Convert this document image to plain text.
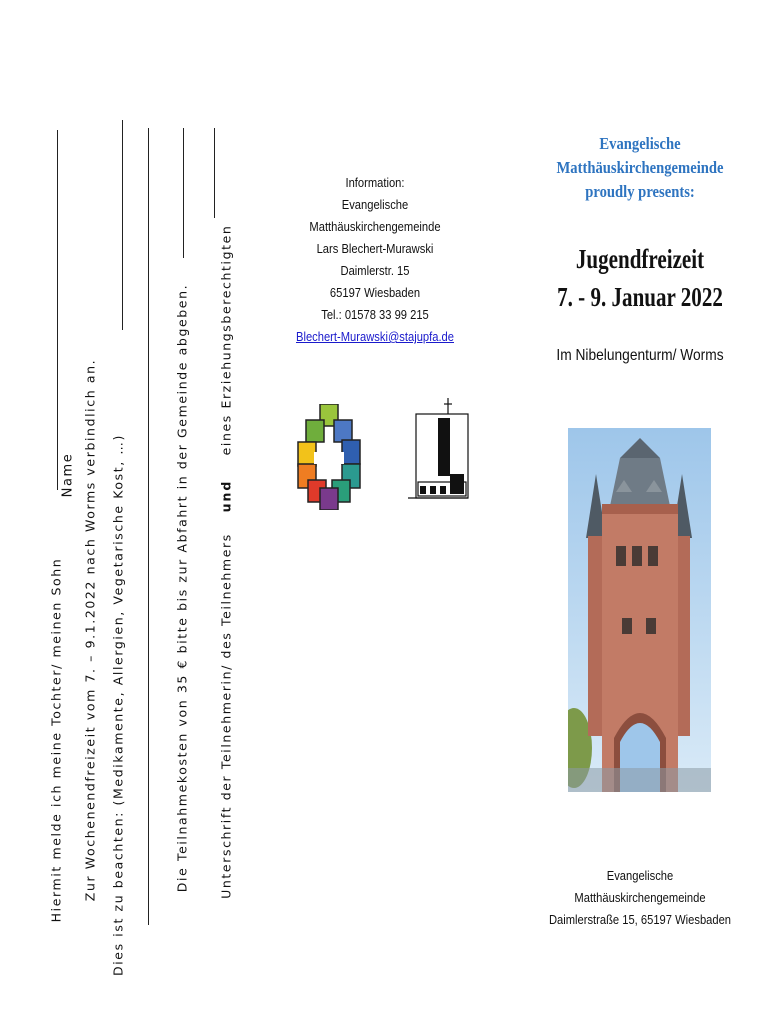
Hiermit melde ich meine Tochter/ meinen Sohn
Name Zur Wochenendfreizeit vom 7. – 9.1.2022 nach Worms verbindlich an. Dies ist zu beachten: (Medikamente, Allergien, Vegetarische Kost, …)	Die Teilnahmekosten von 35 € bitte bis zur Abfahrt in der Gemeinde abgeben. Unterschrift der Teilnehmerin/ des Teilnehmers
und
eines Erziehungsberechtigten
Information:
Evangelische Matthäuskirchengemeinde
Lars Blechert-Murawski
Daimlerstr. 15
65197 Wiesbaden
Tel.: 01578 33 99 215
Blechert-Murawski@stajupfa.de
Evangelische
Matthäuskirchengemeinde
proudly presents:
Jugendfreizeit
7. - 9. Januar 2022
Im Nibelungenturm/ Worms
Evangelische Matthäuskirchengemeinde
Daimlerstraße 15, 65197 Wiesbaden
